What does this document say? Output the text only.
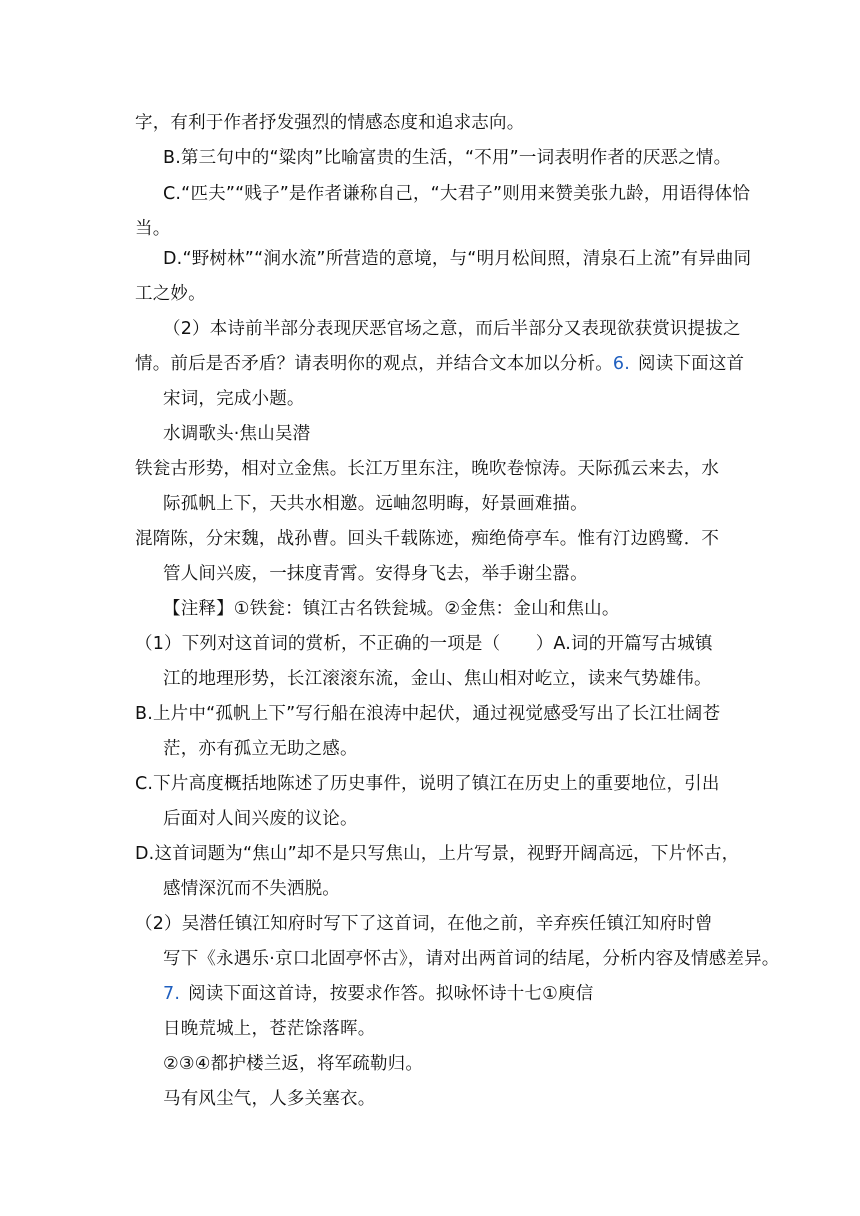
字，有利于作者抒发强烈的情感态度和追求志向。
B.第三句中的“粱肉”比喻富贵的生活，“不用”一词表明作者的厌恶之情。
C.“匹夫”“贱子”是作者谦称自己，“大君子”则用来赞美张九龄，用语得体恰
当。
D.“野树林”“涧水流”所营造的意境，与“明月松间照，清泉石上流”有异曲同
工之妙。
（2）本诗前半部分表现厌恶官场之意，而后半部分又表现欲获赏识提拔之
情。前后是否矛盾？请表明你的观点，并结合文本加以分析。6. 阅读下面这首
宋词，完成小题。
水调歌头·焦山吴潜
铁瓮古形势，相对立金焦。长江万里东注，晚吹卷惊涛。天际孤云来去，水
际孤帆上下，天共水相邀。远岫忽明晦，好景画难描。
混隋陈，分宋魏，战孙曹。回头千载陈迹，痴绝倚亭车。惟有汀边鸥鹭．不
管人间兴废，一抹度青霄。安得身飞去，举手谢尘嚣。
【注释】①铁瓮：镇江古名铁瓮城。②金焦：金山和焦山。
（1）下列对这首词的赏析，不正确的一项是（　　）A.词的开篇写古城镇
江的地理形势，长江滚滚东流，金山、焦山相对屹立，读来气势雄伟。
B.上片中“孤帆上下”写行船在浪涛中起伏，通过视觉感受写出了长江壮阔苍
茫，亦有孤立无助之感。
C.下片高度概括地陈述了历史事件，说明了镇江在历史上的重要地位，引出
后面对人间兴废的议论。
D.这首词题为“焦山”却不是只写焦山，上片写景，视野开阔高远，下片怀古，
感情深沉而不失洒脱。
（2）吴潜任镇江知府时写下了这首词，在他之前，辛弃疾任镇江知府时曾
写下《永遇乐·京口北固亭怀古》，请对出两首词的结尾，分析内容及情感差异。
7. 阅读下面这首诗，按要求作答。拟咏怀诗十七①庾信
日晚荒城上，苍茫馀落晖。
②③④都护楼兰返，将军疏勒归。
马有风尘气，人多关塞衣。
